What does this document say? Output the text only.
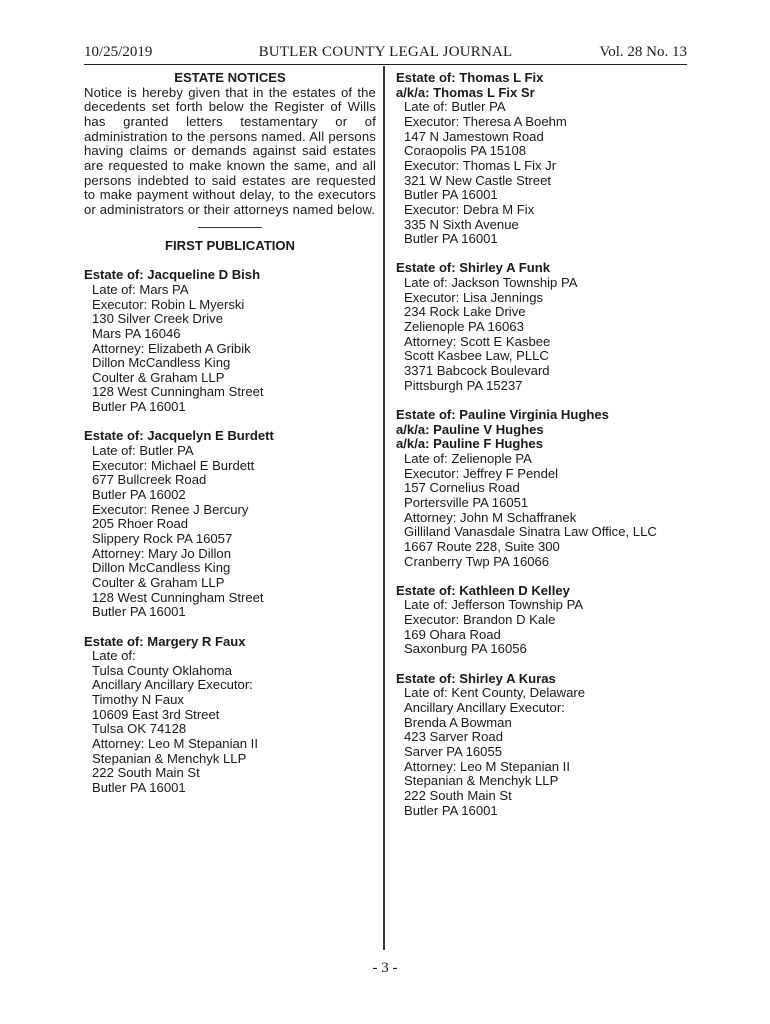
BUTLER COUNTY LEGAL JOURNAL
10/25/2019	Vol. 28 No. 13
ESTATE NOTICES
Notice is hereby given that in the estates of the decedents set forth below the Register of Wills has granted letters testamentary or of administration to the persons named. All persons having claims or demands against said estates are requested to make known the same, and all persons indebted to said estates are requested to make payment without delay, to the executors or administrators or their attorneys named below.
FIRST PUBLICATION
Estate of: Jacqueline D Bish
Late of: Mars PA
Executor: Robin L Myerski
130 Silver Creek Drive
Mars PA 16046
Attorney: Elizabeth A Gribik
Dillon McCandless King
Coulter & Graham LLP
128 West Cunningham Street
Butler PA 16001
Estate of: Jacquelyn E Burdett
Late of: Butler PA
Executor: Michael E Burdett
677 Bullcreek Road
Butler PA 16002
Executor: Renee J Bercury
205 Rhoer Road
Slippery Rock PA 16057
Attorney: Mary Jo Dillon
Dillon McCandless King
Coulter & Graham LLP
128 West Cunningham Street
Butler PA 16001
Estate of: Margery R Faux
Late of:
Tulsa County Oklahoma
Ancillary Ancillary Executor:
Timothy N Faux
10609 East 3rd Street
Tulsa OK 74128
Attorney: Leo M Stepanian II
Stepanian & Menchyk LLP
222 South Main St
Butler PA 16001
Estate of: Thomas L Fix
a/k/a: Thomas L Fix Sr
Late of: Butler PA
Executor: Theresa A Boehm
147 N Jamestown Road
Coraopolis PA 15108
Executor: Thomas L Fix Jr
321 W New Castle Street
Butler PA 16001
Executor: Debra M Fix
335 N Sixth Avenue
Butler PA 16001
Estate of: Shirley A Funk
Late of: Jackson Township PA
Executor: Lisa Jennings
234 Rock Lake Drive
Zelienople PA 16063
Attorney: Scott E Kasbee
Scott Kasbee Law, PLLC
3371 Babcock Boulevard
Pittsburgh PA 15237
Estate of: Pauline Virginia Hughes
a/k/a: Pauline V Hughes
a/k/a: Pauline F Hughes
Late of: Zelienople PA
Executor: Jeffrey F Pendel
157 Cornelius Road
Portersville PA 16051
Attorney: John M Schaffranek
Gilliland Vanasdale Sinatra Law Office, LLC
1667 Route 228, Suite 300
Cranberry Twp PA 16066
Estate of: Kathleen D Kelley
Late of: Jefferson Township PA
Executor: Brandon D Kale
169 Ohara Road
Saxonburg PA 16056
Estate of: Shirley A Kuras
Late of: Kent County, Delaware
Ancillary Ancillary Executor:
Brenda A Bowman
423 Sarver Road
Sarver PA 16055
Attorney: Leo M Stepanian II
Stepanian & Menchyk LLP
222 South Main St
Butler PA 16001
- 3 -
